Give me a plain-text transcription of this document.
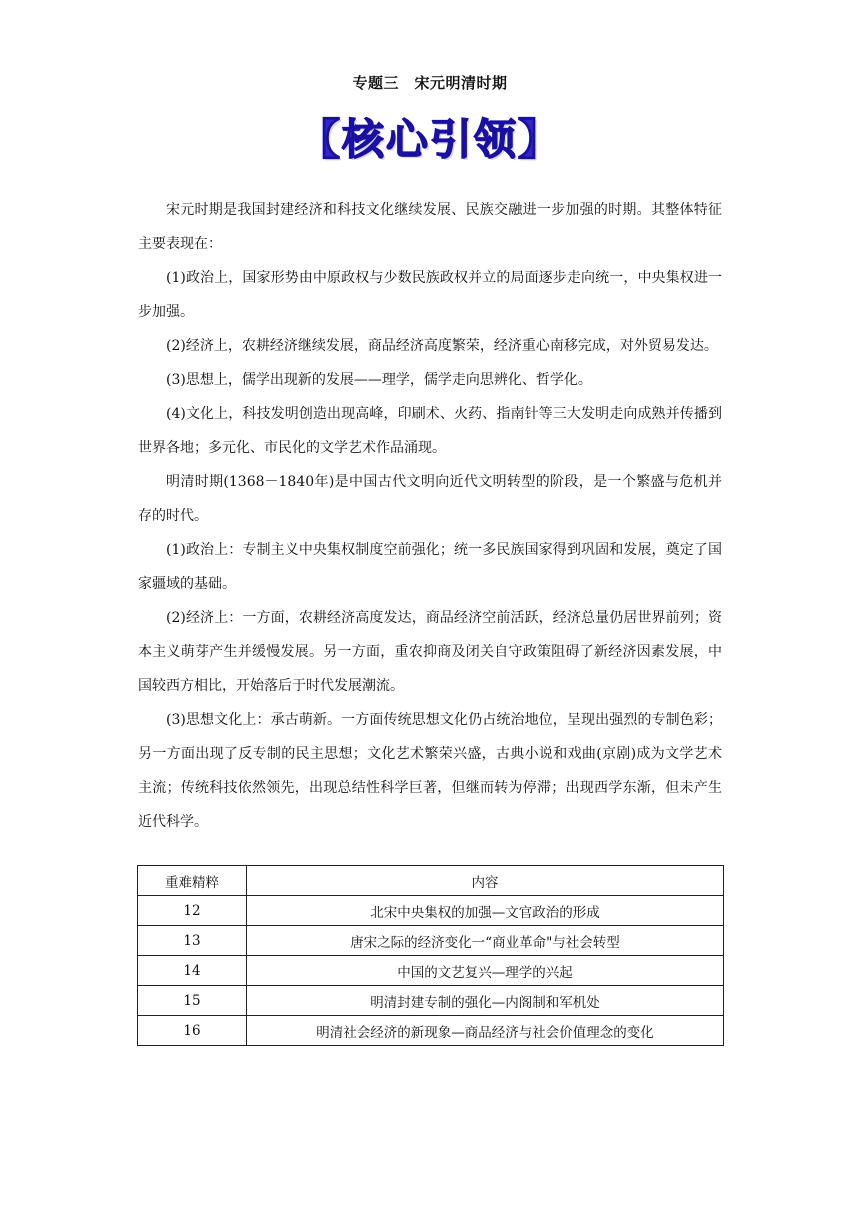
专题三　宋元明清时期
【核心引领】

宋元时期是我国封建经济和科技文化继续发展、民族交融进一步加强的时期。其整体特征主要表现在：

(1)政治上，国家形势由中原政权与少数民族政权并立的局面逐步走向统一，中央集权进一步加强。

(2)经济上，农耕经济继续发展，商品经济高度繁荣，经济重心南移完成，对外贸易发达。

(3)思想上，儒学出现新的发展——理学，儒学走向思辨化、哲学化。

(4)文化上，科技发明创造出现高峰，印刷术、火药、指南针等三大发明走向成熟并传播到世界各地；多元化、市民化的文学艺术作品涌现。

明清时期(1368－1840年)是中国古代文明向近代文明转型的阶段，是一个繁盛与危机并存的时代。

(1)政治上：专制主义中央集权制度空前强化；统一多民族国家得到巩固和发展，奠定了国家疆域的基础。

(2)经济上：一方面，农耕经济高度发达，商品经济空前活跃，经济总量仍居世界前列；资本主义萌芽产生并缓慢发展。另一方面，重农抑商及闭关自守政策阻碍了新经济因素发展，中国较西方相比，开始落后于时代发展潮流。

(3)思想文化上：承古萌新。一方面传统思想文化仍占统治地位，呈现出强烈的专制色彩；另一方面出现了反专制的民主思想；文化艺术繁荣兴盛，古典小说和戏曲(京剧)成为文学艺术主流；传统科技依然领先，出现总结性科学巨著，但继而转为停滞；出现西学东渐，但未产生近代科学。

重难精粹	内容
12	北宋中央集权的加强—文官政治的形成
13	唐宋之际的经济变化一“商业革命"与社会转型
14	中国的文艺复兴—理学的兴起
15	明清封建专制的强化—内阁制和军机处
16	明清社会经济的新现象—商品经济与社会价值理念的变化
